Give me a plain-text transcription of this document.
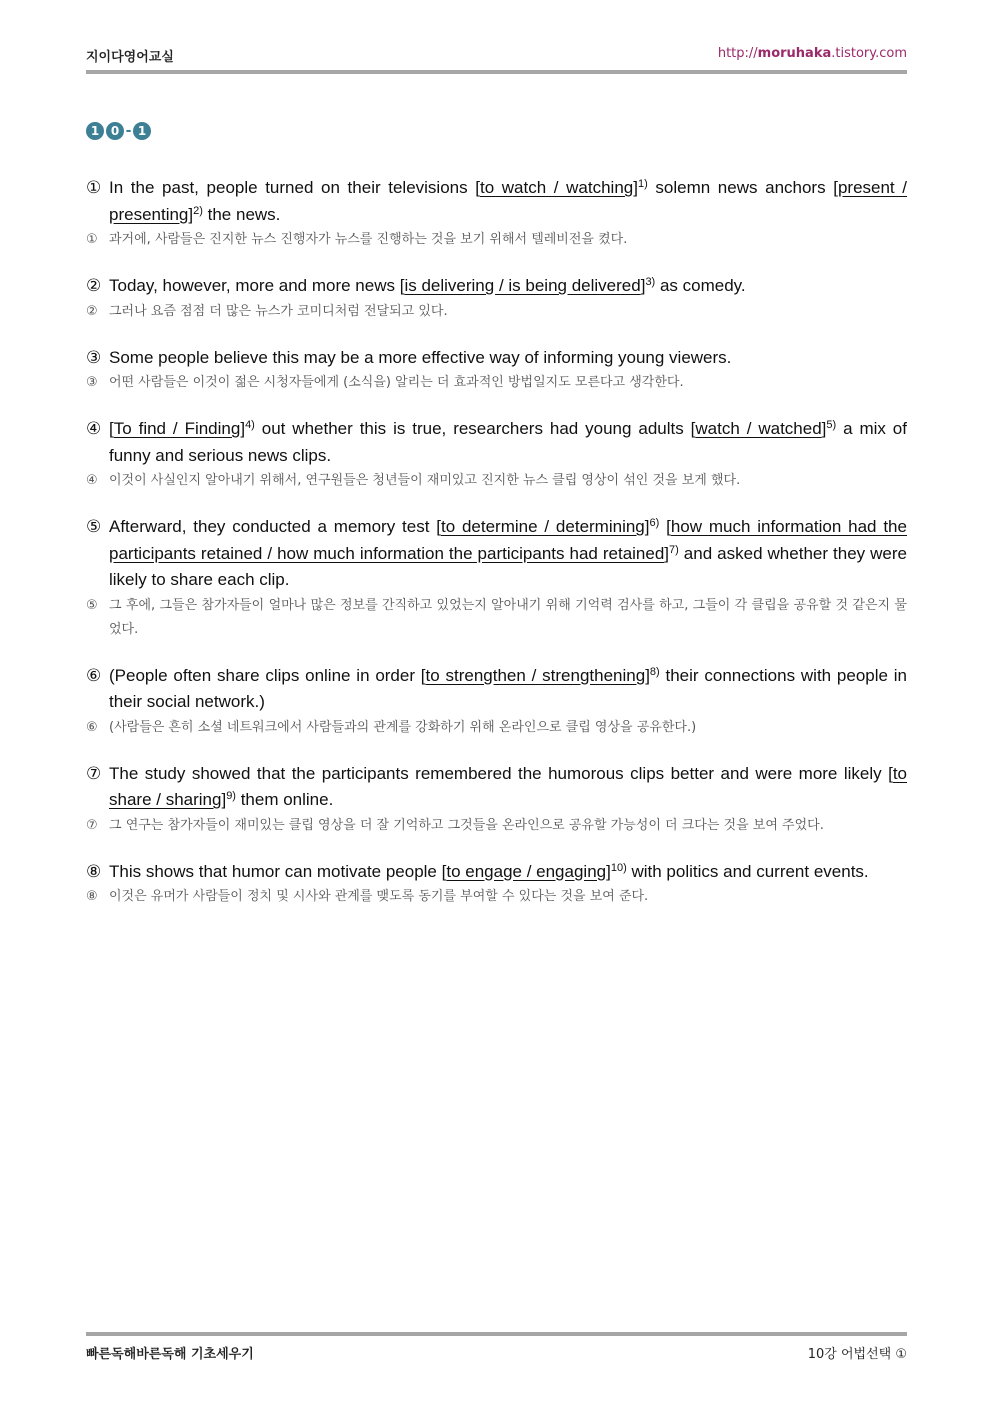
지이다영어교실	http://moruhaka.tistory.com
1 0 - 1

① In the past, people turned on their televisions [to watch / watching]$^{1)}$ solemn news anchors [present / presenting]$^{2)}$ the news.

① 과거에, 사람들은 진지한 뉴스 진행자가 뉴스를 진행하는 것을 보기 위해서 텔레비전을 켰다.

② Today, however, more and more news [is delivering / is being delivered]$^{3)}$ as comedy.

② 그러나 요즘 점점 더 많은 뉴스가 코미디처럼 전달되고 있다.

③ Some people believe this may be a more effective way of informing young viewers.

③ 어떤 사람들은 이것이 젊은 시청자들에게 (소식을) 알리는 더 효과적인 방법일지도 모른다고 생각한다.

④ [To find / Finding]$^{4)}$ out whether this is true, researchers had young adults [watch / watched]$^{5)}$ a mix of funny and serious news clips.

④ 이것이 사실인지 알아내기 위해서, 연구원들은 청년들이 재미있고 진지한 뉴스 클립 영상이 섞인 것을 보게 했다.

⑤ Afterward, they conducted a memory test [to determine / determining]$^{6)}$ [how much information had the participants retained / how much information the participants had retained]$^{7)}$ and asked whether they were likely to share each clip.

⑤ 그 후에, 그들은 참가자들이 얼마나 많은 정보를 간직하고 있었는지 알아내기 위해 기억력 검사를 하고, 그들이 각 클립을 공유할 것 같은지 물었다.

⑥ (People often share clips online in order [to strengthen / strengthening]$^{8)}$ their connections with people in their social network.)

⑥ (사람들은 흔히 소셜 네트워크에서 사람들과의 관계를 강화하기 위해 온라인으로 클립 영상을 공유한다.)

⑦ The study showed that the participants remembered the humorous clips better and were more likely [to share / sharing]$^{9)}$ them online.

⑦ 그 연구는 참가자들이 재미있는 클립 영상을 더 잘 기억하고 그것들을 온라인으로 공유할 가능성이 더 크다는 것을 보여 주었다.

⑧ This shows that humor can motivate people [to engage / engaging]$^{10)}$ with politics and current events.

⑧ 이것은 유머가 사람들이 정치 및 시사와 관계를 맺도록 동기를 부여할 수 있다는 것을 보여 준다.

빠른독해바른독해 기초세우기	10강 어법선택 ①
